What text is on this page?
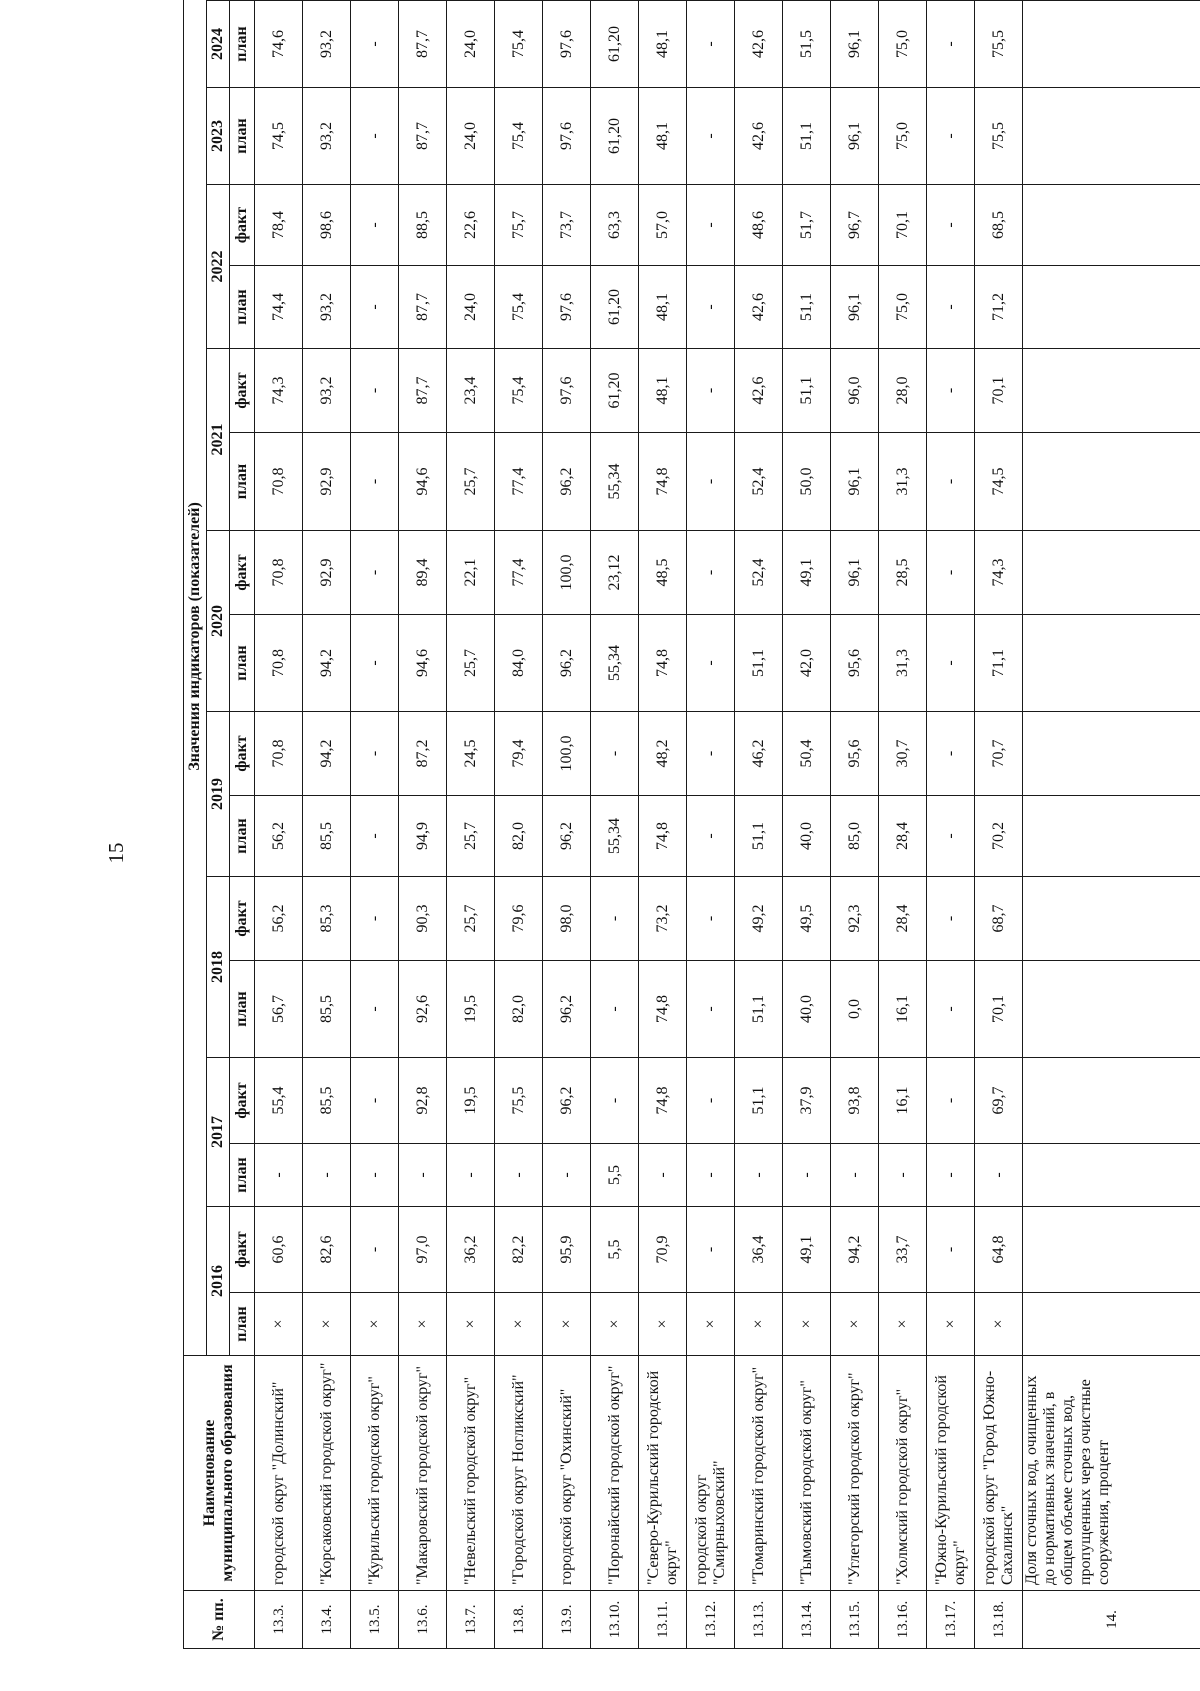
15
№ пп.	Наименование муниципального образования	Значения индикаторов (показателей)																
		2016		2017		2018		2019		2020		2021		2022		2023	2024	
		план	факт	план	факт	план	факт	план	факт	план	факт	план	факт	план	факт	план	план	
13.3.	городской округ "Долинский"	×	60,6	-	55,4	56,7	56,2	56,2	70,8	70,8	70,8	70,8	74,3	74,4	78,4	74,5	74,6	
13.4.	"Корсаковский городской округ"	×	82,6	-	85,5	85,5	85,3	85,5	94,2	94,2	92,9	92,9	93,2	93,2	98,6	93,2	93,2	
13.5.	"Курильский городской округ"	×	-	-	-	-	-	-	-	-	-	-	-	-	-	-	-	
13.6.	"Макаровский городской округ"	×	97,0	-	92,8	92,6	90,3	94,9	87,2	94,6	89,4	94,6	87,7	87,7	88,5	87,7	87,7	
13.7.	"Невельский городской округ"	×	36,2	-	19,5	19,5	25,7	25,7	24,5	25,7	22,1	25,7	23,4	24,0	22,6	24,0	24,0	
13.8.	"Городской округ Ногликский"	×	82,2	-	75,5	82,0	79,6	82,0	79,4	84,0	77,4	77,4	75,4	75,4	75,7	75,4	75,4	
13.9.	городской округ "Охинский"	×	95,9	-	96,2	96,2	98,0	96,2	100,0	96,2	100,0	96,2	97,6	97,6	73,7	97,6	97,6	
13.10.	"Поронайский городской округ"	×	5,5	5,5	-	-	-	55,34	-	55,34	23,12	55,34	61,20	61,20	63,3	61,20	61,20	
13.11.	"Северо-Курильский городской округ"	×	70,9	-	74,8	74,8	73,2	74,8	48,2	74,8	48,5	74,8	48,1	48,1	57,0	48,1	48,1	
13.12.	городской округ "Смирныховский"	×	-	-	-	-	-	-	-	-	-	-	-	-	-	-	-	
13.13.	"Томаринский городской округ"	×	36,4	-	51,1	51,1	49,2	51,1	46,2	51,1	52,4	52,4	42,6	42,6	48,6	42,6	42,6	
13.14.	"Тымовский городской округ"	×	49,1	-	37,9	40,0	49,5	40,0	50,4	42,0	49,1	50,0	51,1	51,1	51,7	51,1	51,5	
13.15.	"Углегорский городской округ"	×	94,2	-	93,8	0,0	92,3	85,0	95,6	95,6	96,1	96,1	96,0	96,1	96,7	96,1	96,1	
13.16.	"Холмский городской округ"	×	33,7	-	16,1	16,1	28,4	28,4	30,7	31,3	28,5	31,3	28,0	75,0	70,1	75,0	75,0	
13.17.	"Южно-Курильский городской округ"	×	-	-	-	-	-	-	-	-	-	-	-	-	-	-	-	
13.18.	городской округ "Город Южно-Сахалинск"	×	64,8	-	69,7	70,1	68,7	70,2	70,7	71,1	74,3	74,5	70,1	71,2	68,5	75,5	75,5	
14.	Доля сточных вод, очищенных до нормативных значений, в общем объеме сточных вод, пропущенных через очистные сооружения, процент																	
